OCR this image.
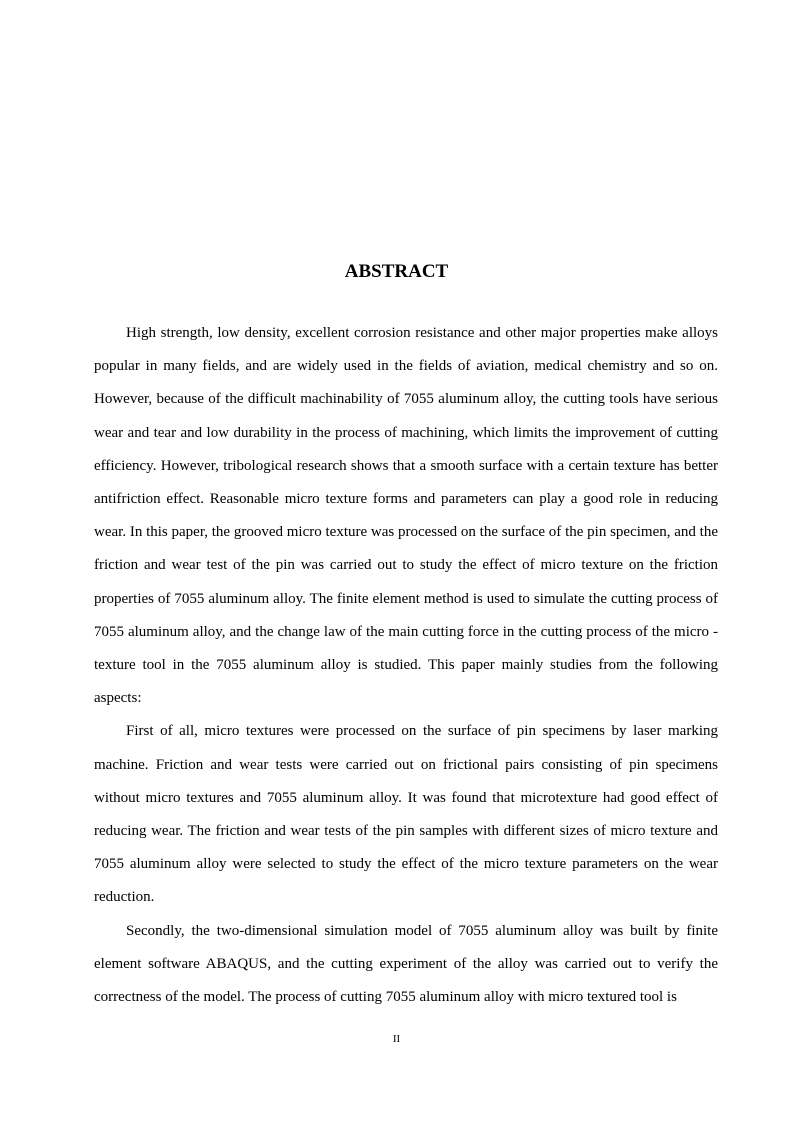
ABSTRACT

High strength, low density, excellent corrosion resistance and other major properties make alloys popular in many fields, and are widely used in the fields of aviation, medical chemistry and so on. However, because of the difficult machinability of 7055 aluminum alloy, the cutting tools have serious wear and tear and low durability in the process of machining, which limits the improvement of cutting efficiency. However, tribological research shows that a smooth surface with a certain texture has better antifriction effect. Reasonable micro texture forms and parameters can play a good role in reducing wear. In this paper, the grooved micro texture was processed on the surface of the pin specimen, and the friction and wear test of the pin was carried out to study the effect of micro texture on the friction properties of 7055 aluminum alloy. The finite element method is used to simulate the cutting process of 7055 aluminum alloy, and the change law of the main cutting force in the cutting process of the micro - texture tool in the 7055 aluminum alloy is studied. This paper mainly studies from the following aspects:

First of all, micro textures were processed on the surface of pin specimens by laser marking machine. Friction and wear tests were carried out on frictional pairs consisting of pin specimens without micro textures and 7055 aluminum alloy. It was found that microtexture had good effect of reducing wear. The friction and wear tests of the pin samples with different sizes of micro texture and 7055 aluminum alloy were selected to study the effect of the micro texture parameters on the wear reduction.

Secondly, the two-dimensional simulation model of 7055 aluminum alloy was built by finite element software ABAQUS, and the cutting experiment of the alloy was carried out to verify the correctness of the model. The process of cutting 7055 aluminum alloy with micro textured tool is

II
